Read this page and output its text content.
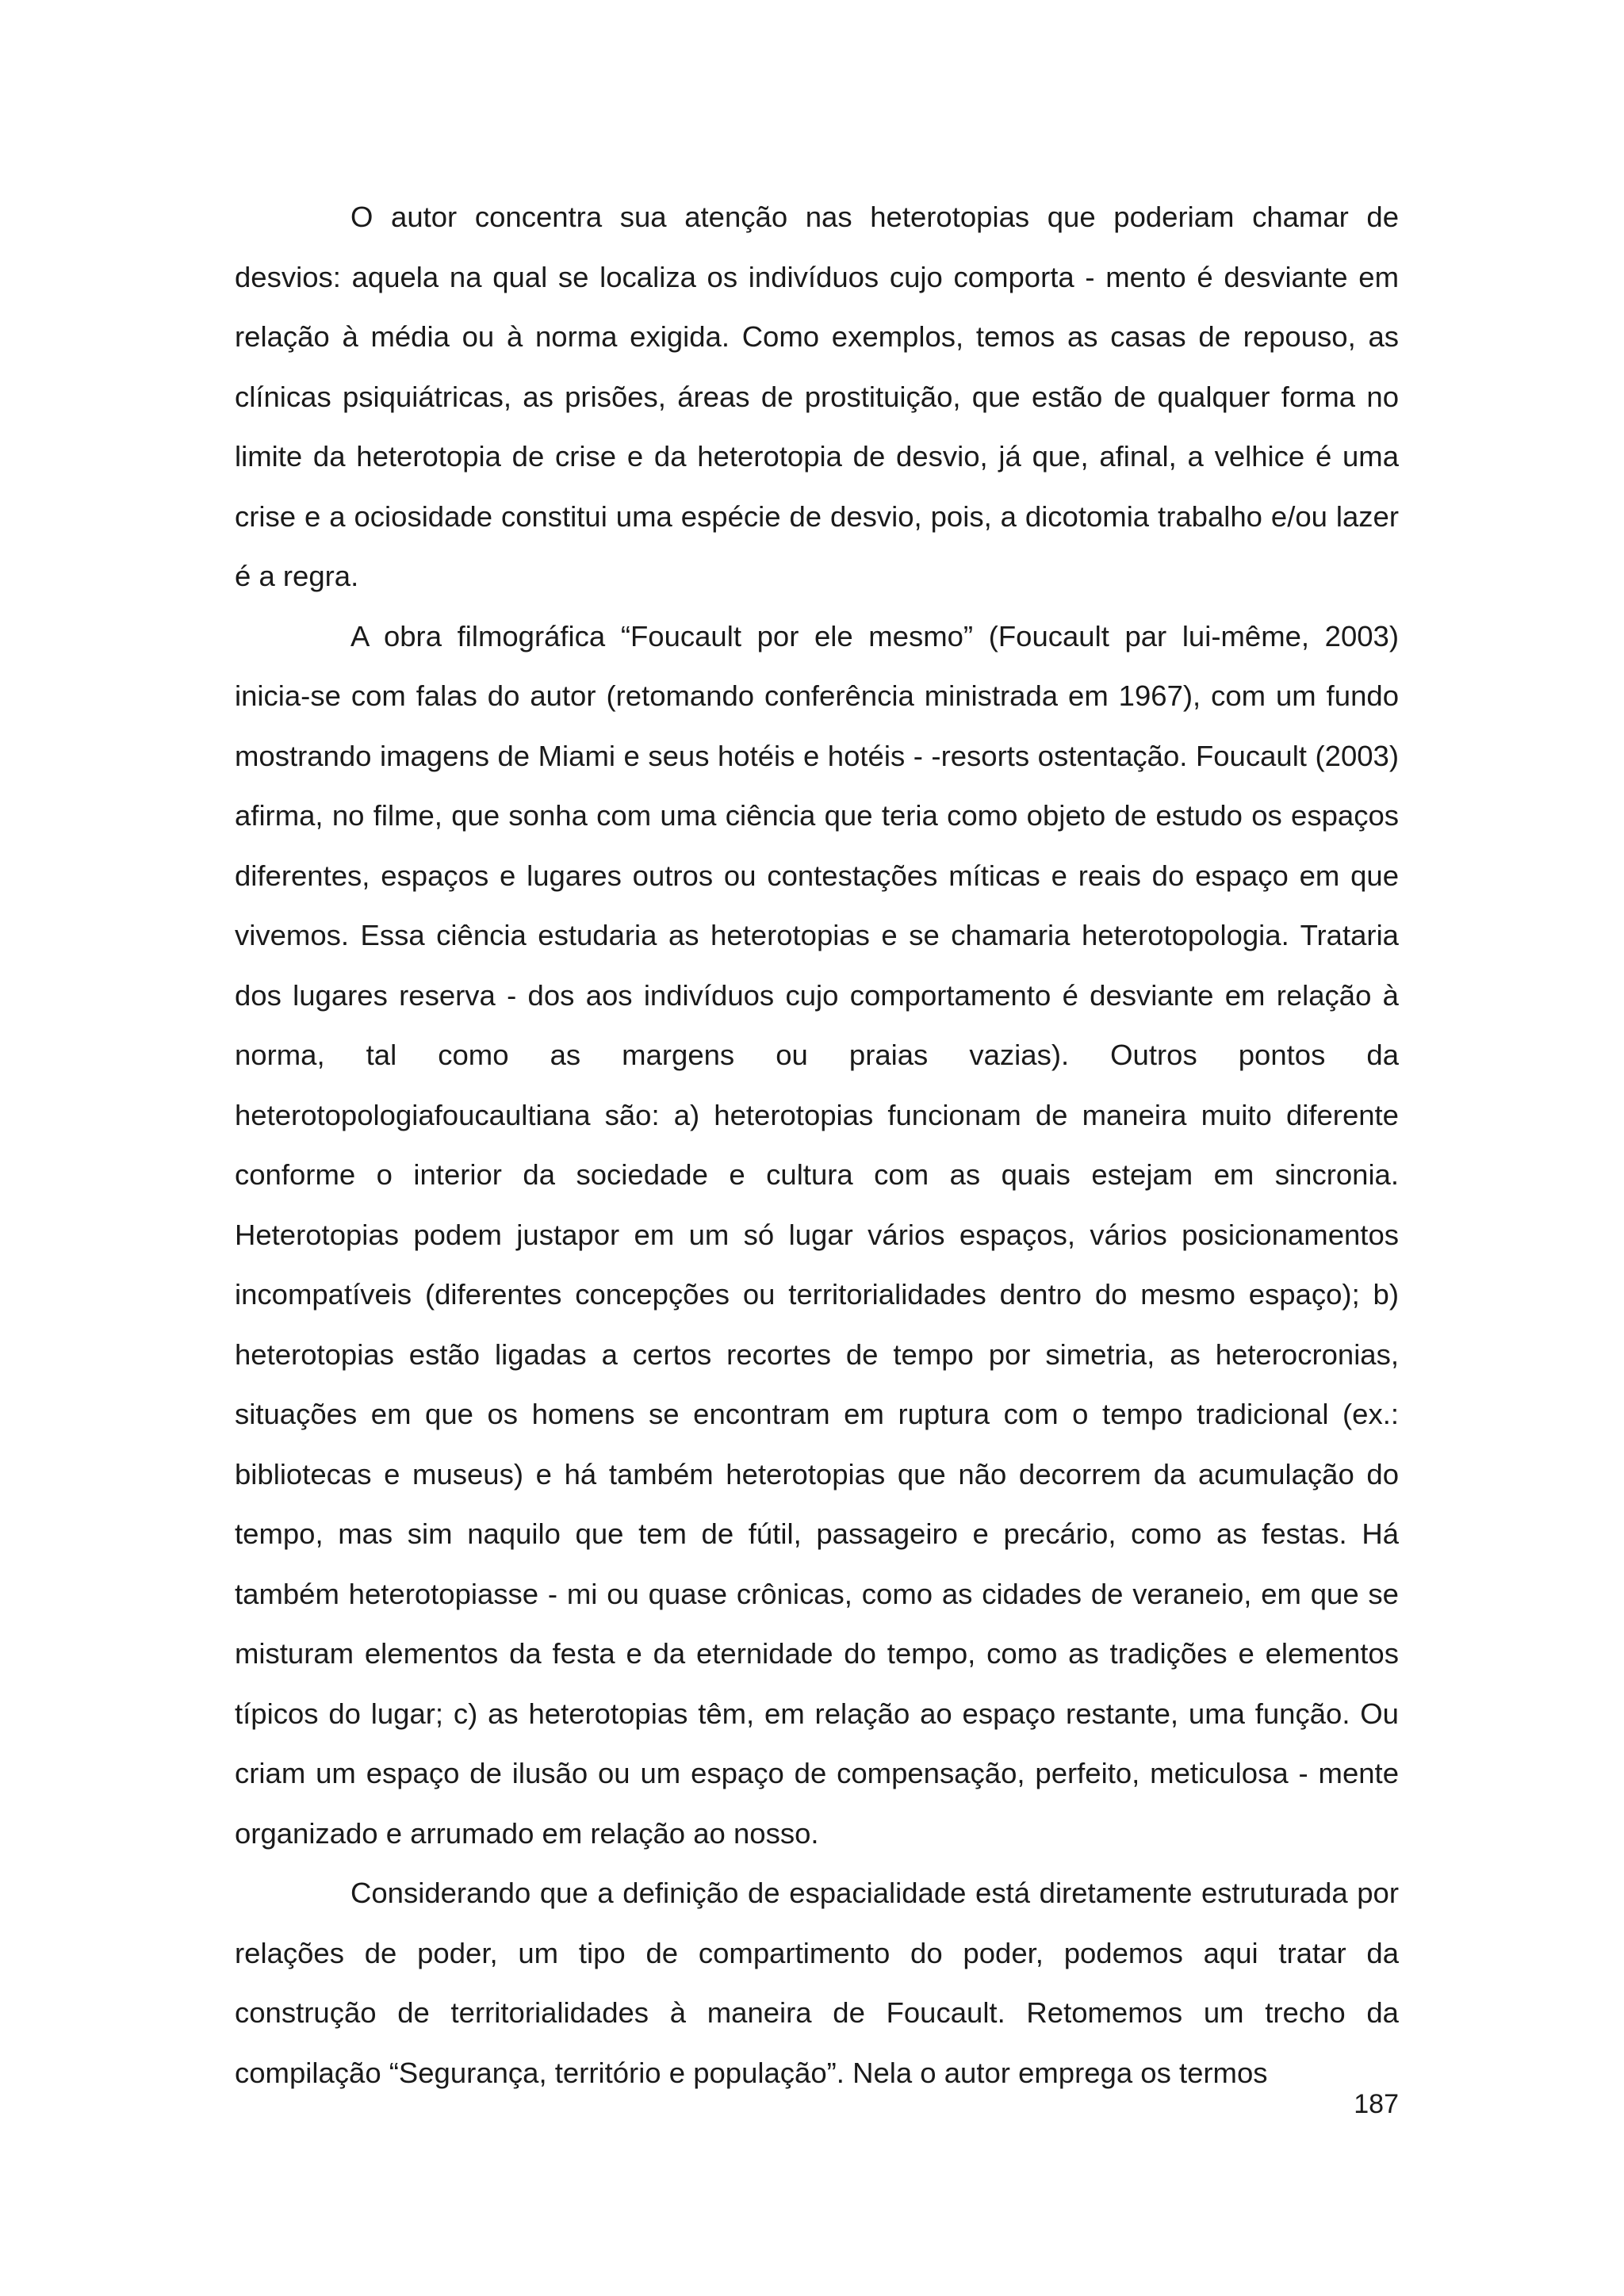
O autor concentra sua atenção nas heterotopias que poderiam chamar de desvios: aquela na qual se localiza os indivíduos cujo comporta - mento é desviante em relação à média ou à norma exigida. Como exemplos, temos as casas de repouso, as clínicas psiquiátricas, as prisões, áreas de prostituição, que estão de qualquer forma no limite da heterotopia de crise e da heterotopia de desvio, já que, afinal, a velhice é uma crise e a ociosidade constitui uma espécie de desvio, pois, a dicotomia trabalho e/ou lazer é a regra.

A obra filmográfica “Foucault por ele mesmo” (Foucault par lui-même, 2003) inicia-se com falas do autor (retomando conferência ministrada em 1967), com um fundo mostrando imagens de Miami e seus hotéis e hotéis - -resorts ostentação. Foucault (2003) afirma, no filme, que sonha com uma ciência que teria como objeto de estudo os espaços diferentes, espaços e lugares outros ou contestações míticas e reais do espaço em que vivemos. Essa ciência estudaria as heterotopias e se chamaria heterotopologia. Trataria dos lugares reserva - dos aos indivíduos cujo comportamento é desviante em relação à norma, tal como as margens ou praias vazias). Outros pontos da heterotopologiafoucaultiana são: a) heterotopias funcionam de maneira muito diferente conforme o interior da sociedade e cultura com as quais estejam em sincronia. Heterotopias podem justapor em um só lugar vários espaços, vários posicionamentos incompatíveis (diferentes concepções ou territorialidades dentro do mesmo espaço); b) heterotopias estão ligadas a certos recortes de tempo por simetria, as heterocronias, situações em que os homens se encontram em ruptura com o tempo tradicional (ex.: bibliotecas e museus) e há também heterotopias que não decorrem da acumulação do tempo, mas sim naquilo que tem de fútil, passageiro e precário, como as festas. Há também heterotopiasse - mi ou quase crônicas, como as cidades de veraneio, em que se misturam elementos da festa e da eternidade do tempo, como as tradições e elementos típicos do lugar; c) as heterotopias têm, em relação ao espaço restante, uma função. Ou criam um espaço de ilusão ou um espaço de compensação, perfeito, meticulosa - mente organizado e arrumado em relação ao nosso.

Considerando que a definição de espacialidade está diretamente estruturada por relações de poder, um tipo de compartimento do poder, podemos aqui tratar da construção de territorialidades à maneira de Foucault. Retomemos um trecho da compilação “Segurança, território e população”. Nela o autor emprega os termos

187
